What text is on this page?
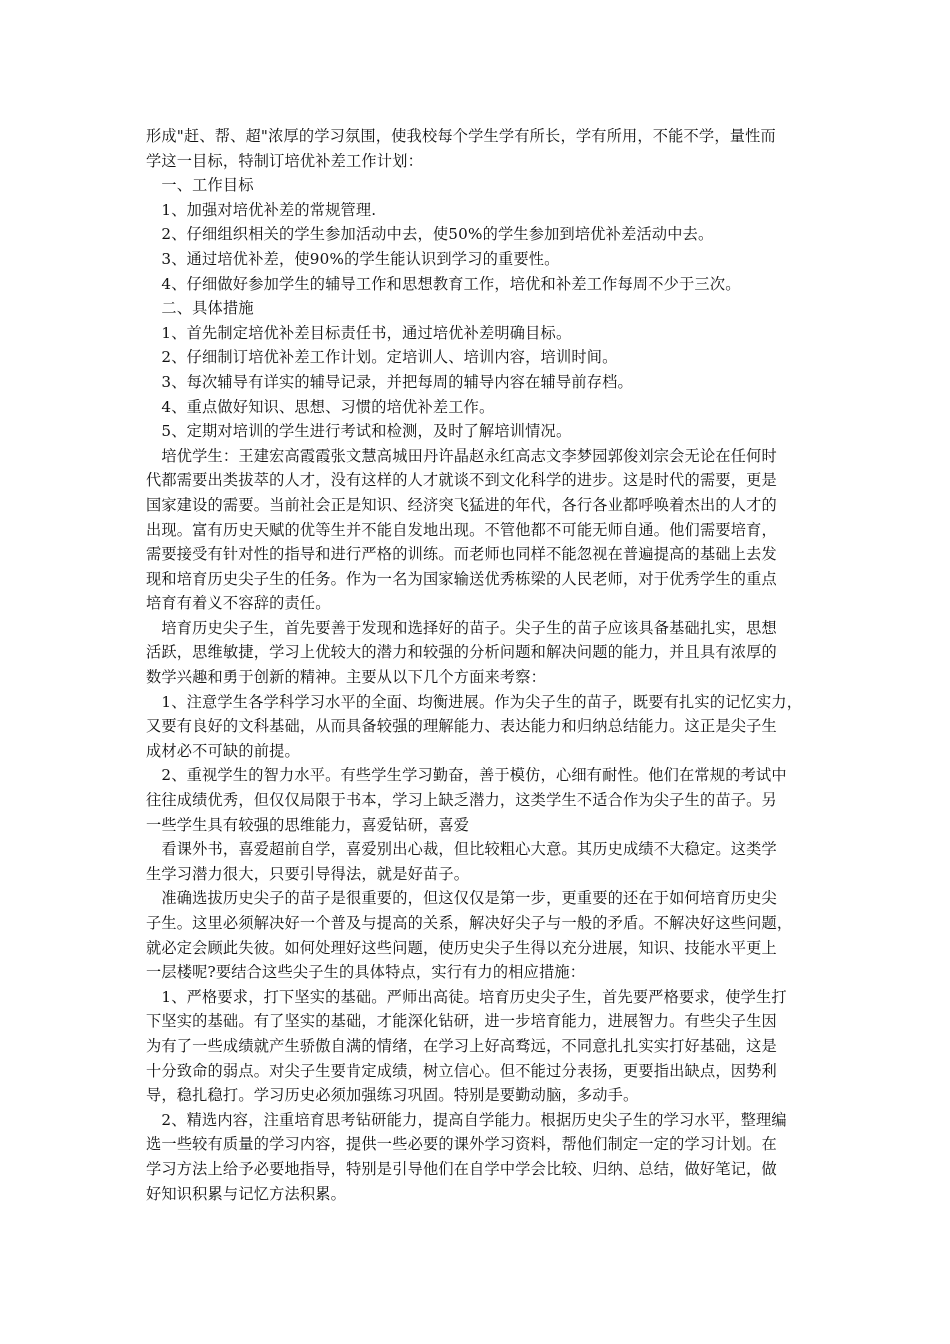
形成"赶、帮、超"浓厚的学习氛围，使我校每个学生学有所长，学有所用，不能不学，量性而
学这一目标，特制订培优补差工作计划：
　一、工作目标
　1、加强对培优补差的常规管理.
　2、仔细组织相关的学生参加活动中去，使50%的学生参加到培优补差活动中去。
　3、通过培优补差，使90%的学生能认识到学习的重要性。
　4、仔细做好参加学生的辅导工作和思想教育工作，培优和补差工作每周不少于三次。
　二、具体措施
　1、首先制定培优补差目标责任书，通过培优补差明确目标。
　2、仔细制订培优补差工作计划。定培训人、培训内容，培训时间。
　3、每次辅导有详实的辅导记录，并把每周的辅导内容在辅导前存档。
　4、重点做好知识、思想、习惯的培优补差工作。
　5、定期对培训的学生进行考试和检测，及时了解培训情况。
　培优学生：王建宏高霞霞张文慧高城田丹许晶赵永红高志文李梦园郭俊刘宗会无论在任何时
代都需要出类拔萃的人才，没有这样的人才就谈不到文化科学的进步。这是时代的需要，更是
国家建设的需要。当前社会正是知识、经济突飞猛进的年代，各行各业都呼唤着杰出的人才的
出现。富有历史天赋的优等生并不能自发地出现。不管他都不可能无师自通。他们需要培育，
需要接受有针对性的指导和进行严格的训练。而老师也同样不能忽视在普遍提高的基础上去发
现和培育历史尖子生的任务。作为一名为国家输送优秀栋梁的人民老师，对于优秀学生的重点
培育有着义不容辞的责任。
　培育历史尖子生，首先要善于发现和选择好的苗子。尖子生的苗子应该具备基础扎实，思想
活跃，思维敏捷，学习上优较大的潜力和较强的分析问题和解决问题的能力，并且具有浓厚的
数学兴趣和勇于创新的精神。主要从以下几个方面来考察：
　1、注意学生各学科学习水平的全面、均衡进展。作为尖子生的苗子，既要有扎实的记忆实力，
又要有良好的文科基础，从而具备较强的理解能力、表达能力和归纳总结能力。这正是尖子生
成材必不可缺的前提。
　2、重视学生的智力水平。有些学生学习勤奋，善于模仿，心细有耐性。他们在常规的考试中
往往成绩优秀，但仅仅局限于书本，学习上缺乏潜力，这类学生不适合作为尖子生的苗子。另
一些学生具有较强的思维能力，喜爱钻研，喜爱
　看课外书，喜爱超前自学，喜爱别出心裁，但比较粗心大意。其历史成绩不大稳定。这类学
生学习潜力很大，只要引导得法，就是好苗子。
　准确选拔历史尖子的苗子是很重要的，但这仅仅是第一步，更重要的还在于如何培育历史尖
子生。这里必须解决好一个普及与提高的关系，解决好尖子与一般的矛盾。不解决好这些问题，
就必定会顾此失彼。如何处理好这些问题，使历史尖子生得以充分进展，知识、技能水平更上
一层楼呢?要结合这些尖子生的具体特点，实行有力的相应措施：
　1、严格要求，打下坚实的基础。严师出高徒。培育历史尖子生，首先要严格要求，使学生打
下坚实的基础。有了坚实的基础，才能深化钻研，进一步培育能力，进展智力。有些尖子生因
为有了一些成绩就产生骄傲自满的情绪，在学习上好高骛远，不同意扎扎实实打好基础，这是
十分致命的弱点。对尖子生要肯定成绩，树立信心。但不能过分表扬，更要指出缺点，因势利
导，稳扎稳打。学习历史必须加强练习巩固。特别是要勤动脑，多动手。
　2、精选内容，注重培育思考钻研能力，提高自学能力。根据历史尖子生的学习水平，整理编
选一些较有质量的学习内容，提供一些必要的课外学习资料，帮他们制定一定的学习计划。在
学习方法上给予必要地指导，特别是引导他们在自学中学会比较、归纳、总结，做好笔记，做
好知识积累与记忆方法积累。
